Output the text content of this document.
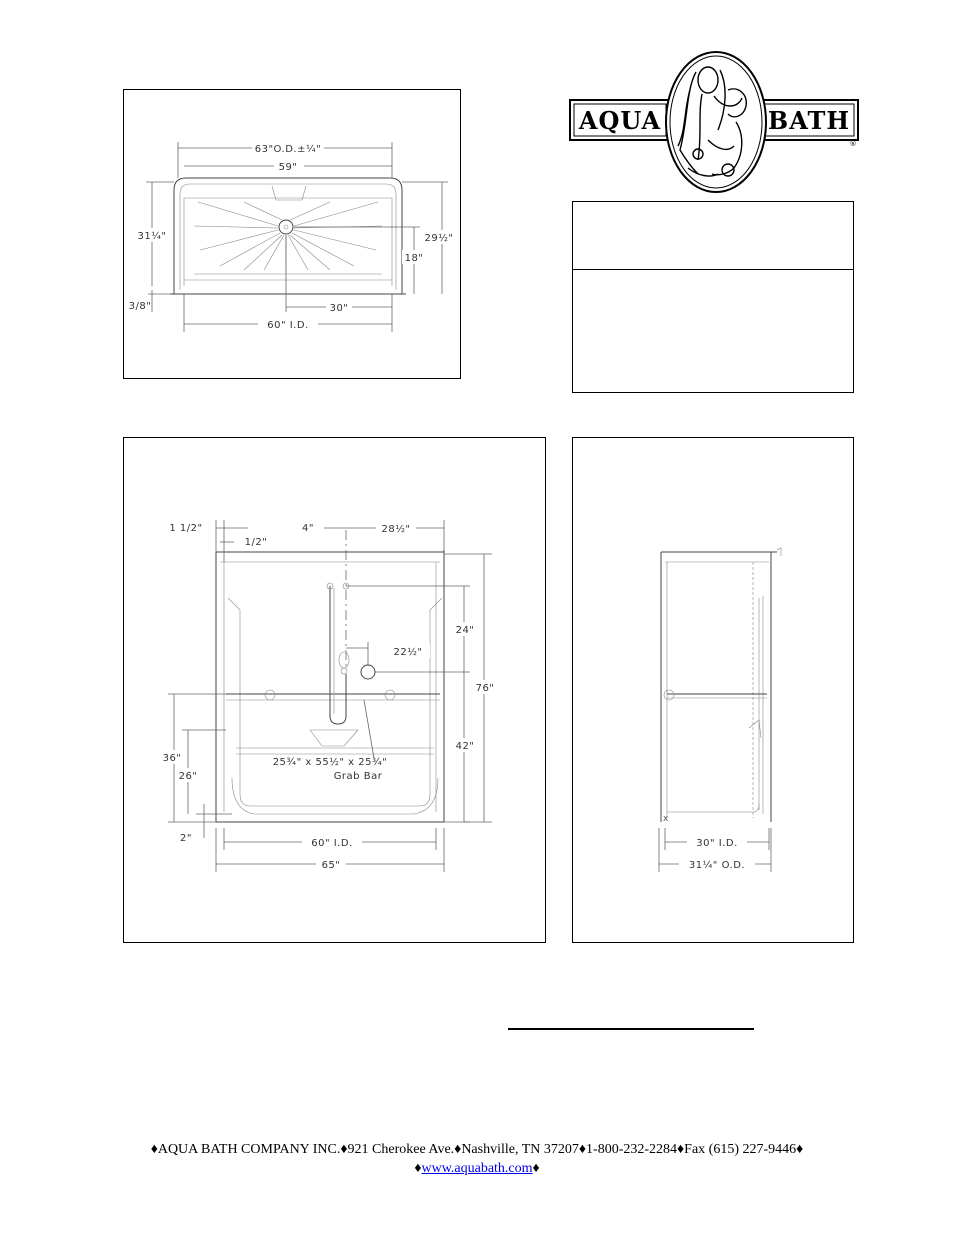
AQUA	BATH
®
63"O.D.±¼"
59"
31¼"
3/8"
29½"
18"
30"
60" I.D.
1 1/2"
1/2"
4"	28½"
24"
22½"
42"
76"
36"
26"
2"
25¾" x 55½" x 25¾"
Grab Bar
60" I.D.
65"
x
30" I.D.
31¼" O.D.
♦AQUA BATH COMPANY INC.♦921 Cherokee Ave.♦Nashville, TN 37207♦1-800-232-2284♦Fax (615) 227-9446♦
♦www.aquabath.com♦
